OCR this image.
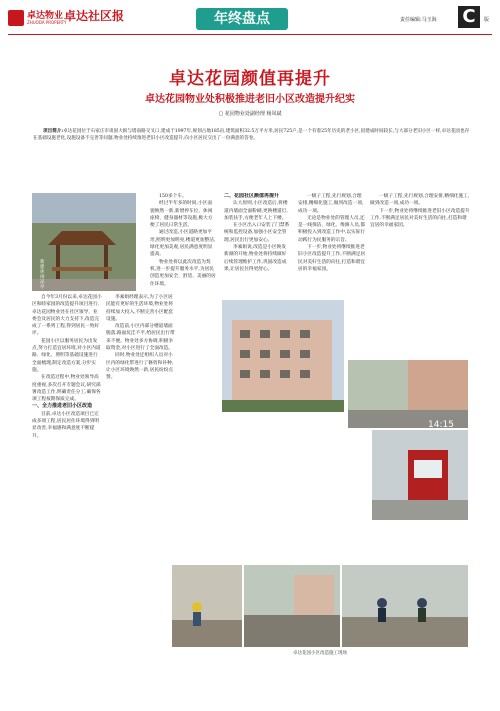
卓达物业
ZHUODA PROPERTY
卓达社区报	年终盘点	责任编辑:马玉海 C	版
卓达花园颜值再提升
卓达花园物业处积极推进老旧小区改造提升纪实
▢ 花园物业处副经理 杨凤斌
项目简介:卓达花园位于石家庄市谈固大街与塔南路交叉口,建成于1997年,规划占地185亩,建筑面积32.5万平方米,居民725户,是一个有着25年历史的老小区,因建成时间较长,与大部分老旧小区一样,卓达花园也存在基础设施老化,设施设备不完善等问题,物业处持续推进老旧小区改造提升,向小区居民交出了一份满意的答卷。
新建休闲凉亭

自今年3月份以来,卓达花园小区和睦家园的改造提升项目进行,卓达花园物业处在社区领导、业委会及居民的大力支持下,改造完成了一系列工程,得到居民一致好评。

花园小区以服务居民为出发点,努力打造宜居环境,对小区内道路、绿化、照明等基础设施进行全面梳理,制定改造方案,分步实施。

在改造过程中,物业处领导高度重视,多次召开专题会议,研究部署改造工作,明确责任分工,确保各项工程按期保质完成。

一、全力推进老旧小区改造

目前,卓达小区改造项目已完成多项工程,居民居住环境得到明显改善,幸福感和满意度不断提升。

李素娟经理表示,为了小区居民能有更好的生活环境,物业处将持续加大投入,不断完善小区配套设施。

改造前,小区内部分楼道墙面脱落,路面坑洼不平,给居民出行带来不便。物业处多方协调,积极争取资金,对小区进行了全面改造。

同时,物业处还组织人员对小区内的绿化带进行了修剪和补种,让小区环境焕然一新,居民纷纷点赞。

150多个车。

经过半年多的时间,小区面貌焕然一新,新增停车位、休闲座椅、健身器材等设施,极大方便了居民日常生活。

通过改造,小区道路更加平坦,照明更加明亮,楼道更加整洁,绿化更加美观,居民满意度明显提高。

物业处将以此次改造为契机,进一步提升服务水平,为居民创造更加安全、舒适、美丽的居住环境。

二、花园社区颜值再提升

认大原则,小区改造后,将楼道内墙面全面粉刷,更换楼道灯,加装扶手,方便老年人上下楼。

在小区出入口安装了门禁系统和监控设备,加强小区安全管理,居民出行更加安心。

李素娟说,改造是小区焕发新颜的开始,物业处将持续做好后续管理维护工作,巩固改造成果,让居民住得更舒心。

一级子工程,先行规划,合理安排,精细化施工,做到改造一项,成功一项。

无论是物业处的管理人员,还是一线保洁、绿化、维修人员,都积极投入到改造工作中,以实际行动践行为民服务的宗旨。

下一步,物业处将继续推进老旧小区改造提升工作,不断满足居民对美好生活的向往,打造和谐宜居的幸福家园。

一级子工程,先行规划,合理安排,精细化施工,做到改造一项,成功一项。

下一步,物业处将继续推进老旧小区改造提升工作,不断满足居民对美好生活的向往,打造和谐宜居的幸福家园。

14:15
卓达花园小区改造施工现场
